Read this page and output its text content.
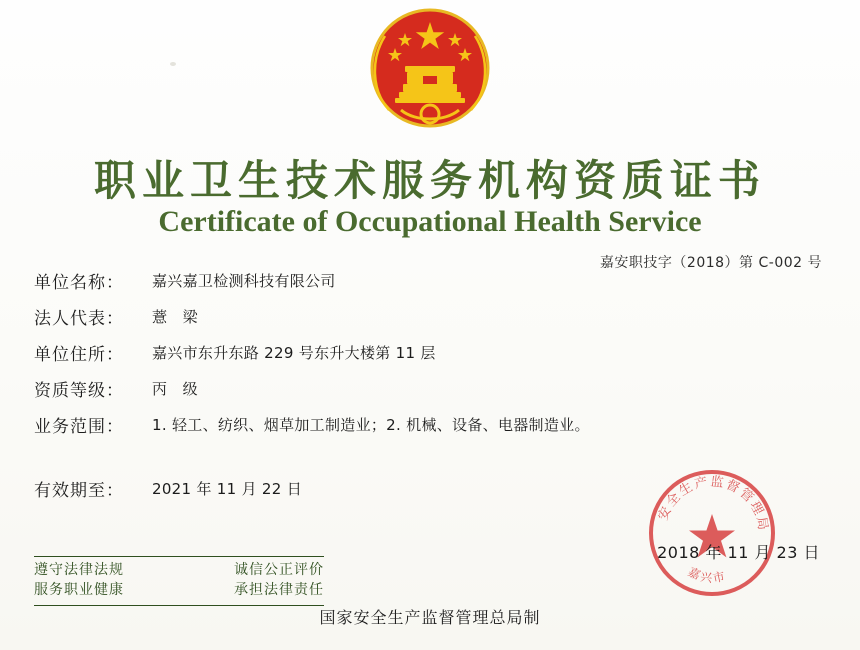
职业卫生技术服务机构资质证书
Certificate of Occupational Health Service
嘉安职技字（2018）第 C-002 号
单位名称：	嘉兴嘉卫检测科技有限公司
法人代表：	薏　梁
单位住所：	嘉兴市东升东路 229 号东升大楼第 11 层
资质等级：	丙　级
业务范围：	1. 轻工、纺织、烟草加工制造业；2. 机械、设备、电器制造业。
有效期至：	2021 年 11 月 22 日
安全生产监督管理局
嘉兴市
2018 年 11 月 23 日
遵守法律法规	诚信公正评价
服务职业健康	承担法律责任
国家安全生产监督管理总局制
